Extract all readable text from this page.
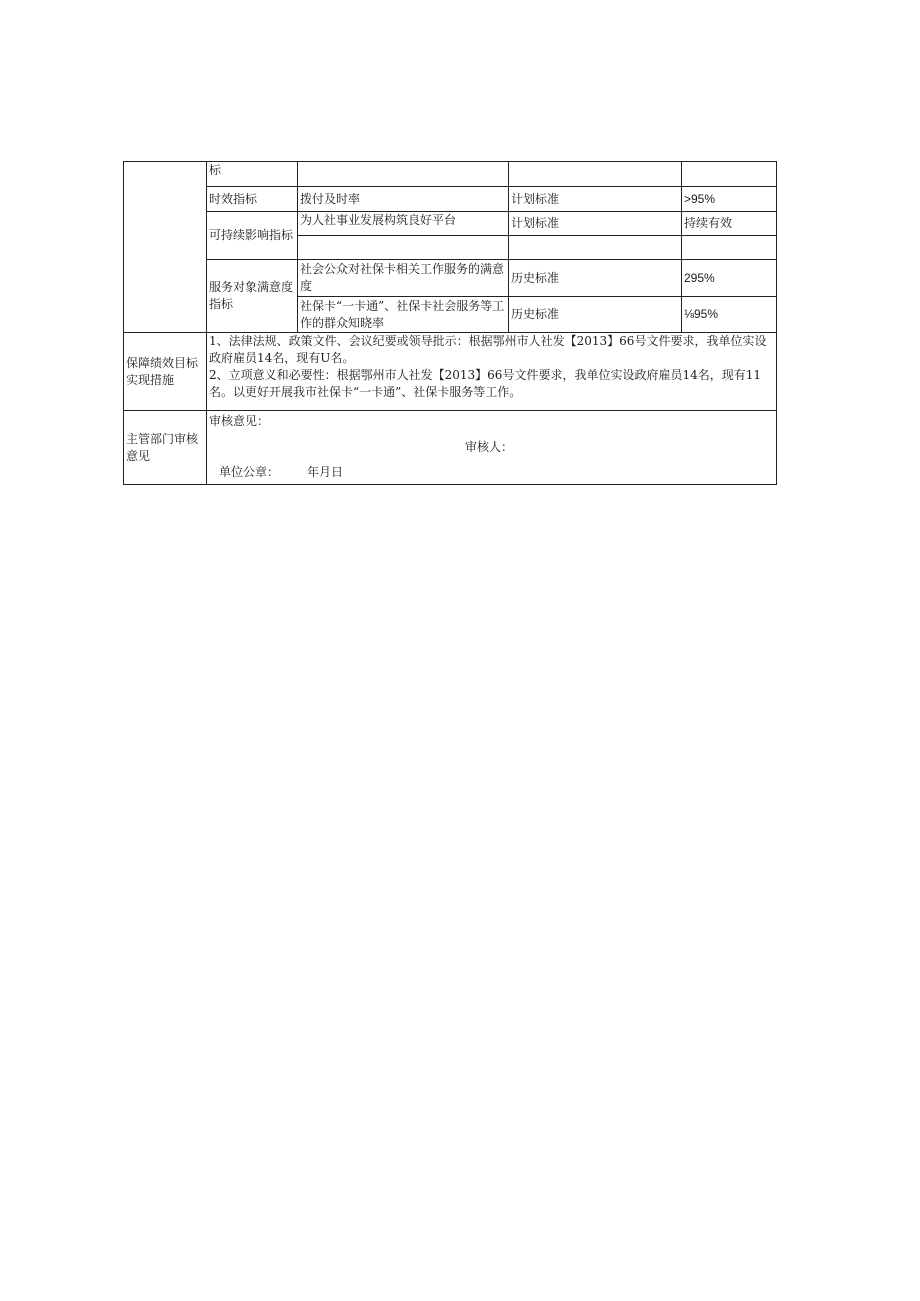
	标			
	时效指标	拨付及时率	计划标准	>95%
	可持续影响指标	为人社事业发展构筑良好平台	计划标准	持续有效

	服务对象满意度指标	社会公众对社保卡相关工作服务的满意度	历史标准	295%
		社保卡“一卡通”、社保卡社会服务等工作的群众知晓率	历史标准	⅛95%
保障绩效目标实现措施	1、法律法规、政策文件、会议纪要或领导批示：根据鄂州市人社发【2013】66号文件要求，我单位实设政府雇员14名，现有U名。
2、立项意义和必要性：根据鄂州市人社发【2013】66号文件要求，我单位实设政府雇员14名，现有11名。以更好开展我市社保卡“一卡通”、社保卡服务等工作。			

主管部门审核意见	审核意见：
审核人：
单位公章： 年月日			
